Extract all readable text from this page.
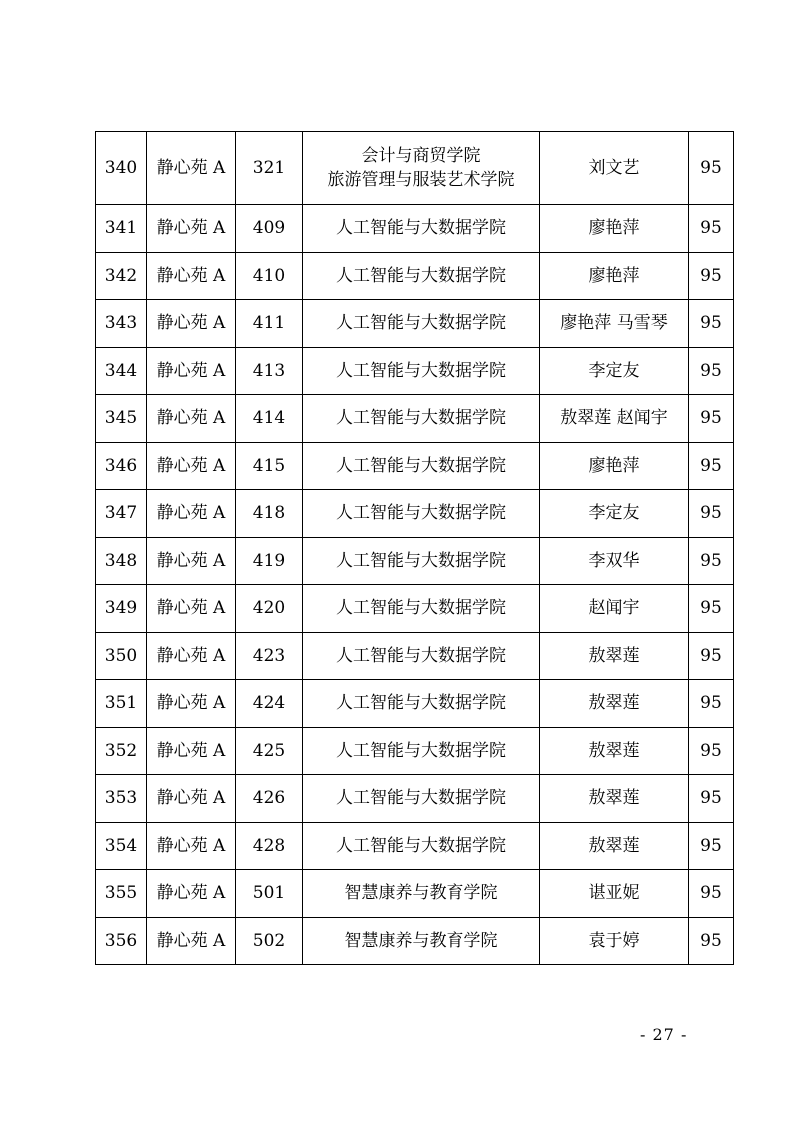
340	静心苑 A	321	会计与商贸学院
旅游管理与服装艺术学院	刘文艺	95
341	静心苑 A	409	人工智能与大数据学院	廖艳萍	95
342	静心苑 A	410	人工智能与大数据学院	廖艳萍	95
343	静心苑 A	411	人工智能与大数据学院	廖艳萍 马雪琴	95
344	静心苑 A	413	人工智能与大数据学院	李定友	95
345	静心苑 A	414	人工智能与大数据学院	敖翠莲 赵闻宇	95
346	静心苑 A	415	人工智能与大数据学院	廖艳萍	95
347	静心苑 A	418	人工智能与大数据学院	李定友	95
348	静心苑 A	419	人工智能与大数据学院	李双华	95
349	静心苑 A	420	人工智能与大数据学院	赵闻宇	95
350	静心苑 A	423	人工智能与大数据学院	敖翠莲	95
351	静心苑 A	424	人工智能与大数据学院	敖翠莲	95
352	静心苑 A	425	人工智能与大数据学院	敖翠莲	95
353	静心苑 A	426	人工智能与大数据学院	敖翠莲	95
354	静心苑 A	428	人工智能与大数据学院	敖翠莲	95
355	静心苑 A	501	智慧康养与教育学院	谌亚妮	95
356	静心苑 A	502	智慧康养与教育学院	袁于婷	95
- 27 -
